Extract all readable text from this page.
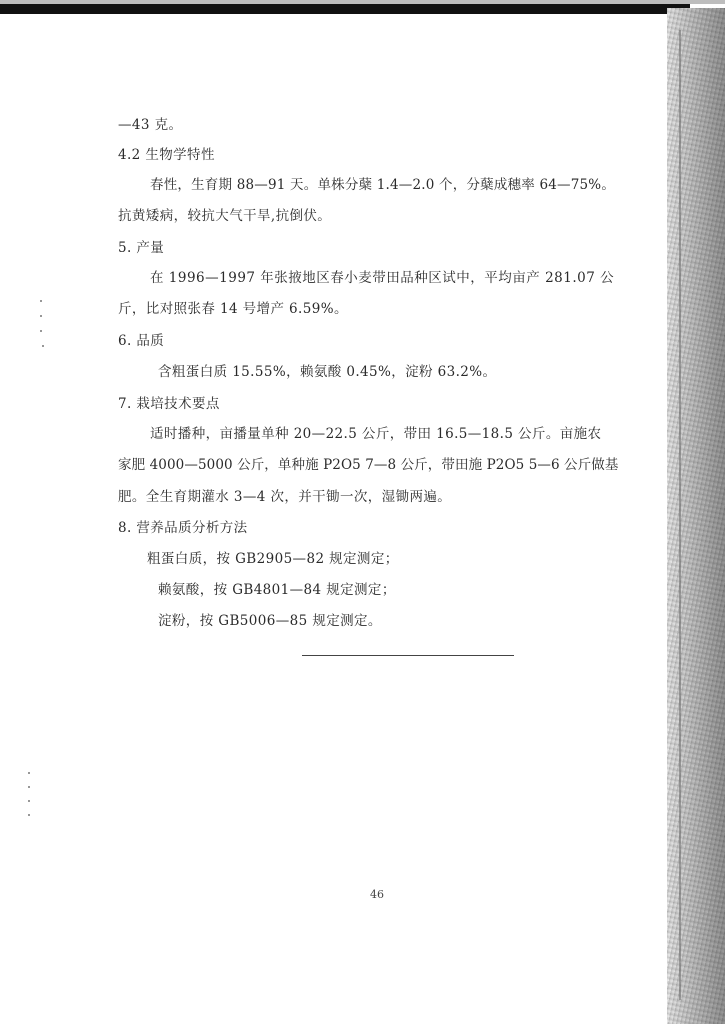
—43 克。
4.2 生物学特性
春性，生育期 88—91 天。单株分蘖 1.4—2.0 个，分蘖成穗率 64—75%。
抗黄矮病，较抗大气干旱,抗倒伏。
5. 产量
在 1996—1997 年张掖地区春小麦带田品种区试中，平均亩产 281.07 公
斤，比对照张春 14 号增产 6.59%。
6. 品质
含粗蛋白质 15.55%，赖氨酸 0.45%，淀粉 63.2%。
7. 栽培技术要点
适时播种，亩播量单种 20—22.5 公斤，带田 16.5—18.5 公斤。亩施农
家肥 4000—5000 公斤，单种施 P2O5 7—8 公斤，带田施 P2O5 5—6 公斤做基
肥。全生育期灌水 3—4 次，并干锄一次，湿锄两遍。
8. 营养品质分析方法
粗蛋白质，按 GB2905—82 规定测定；
赖氨酸，按 GB4801—84 规定测定；
淀粉，按 GB5006—85 规定测定。
46
